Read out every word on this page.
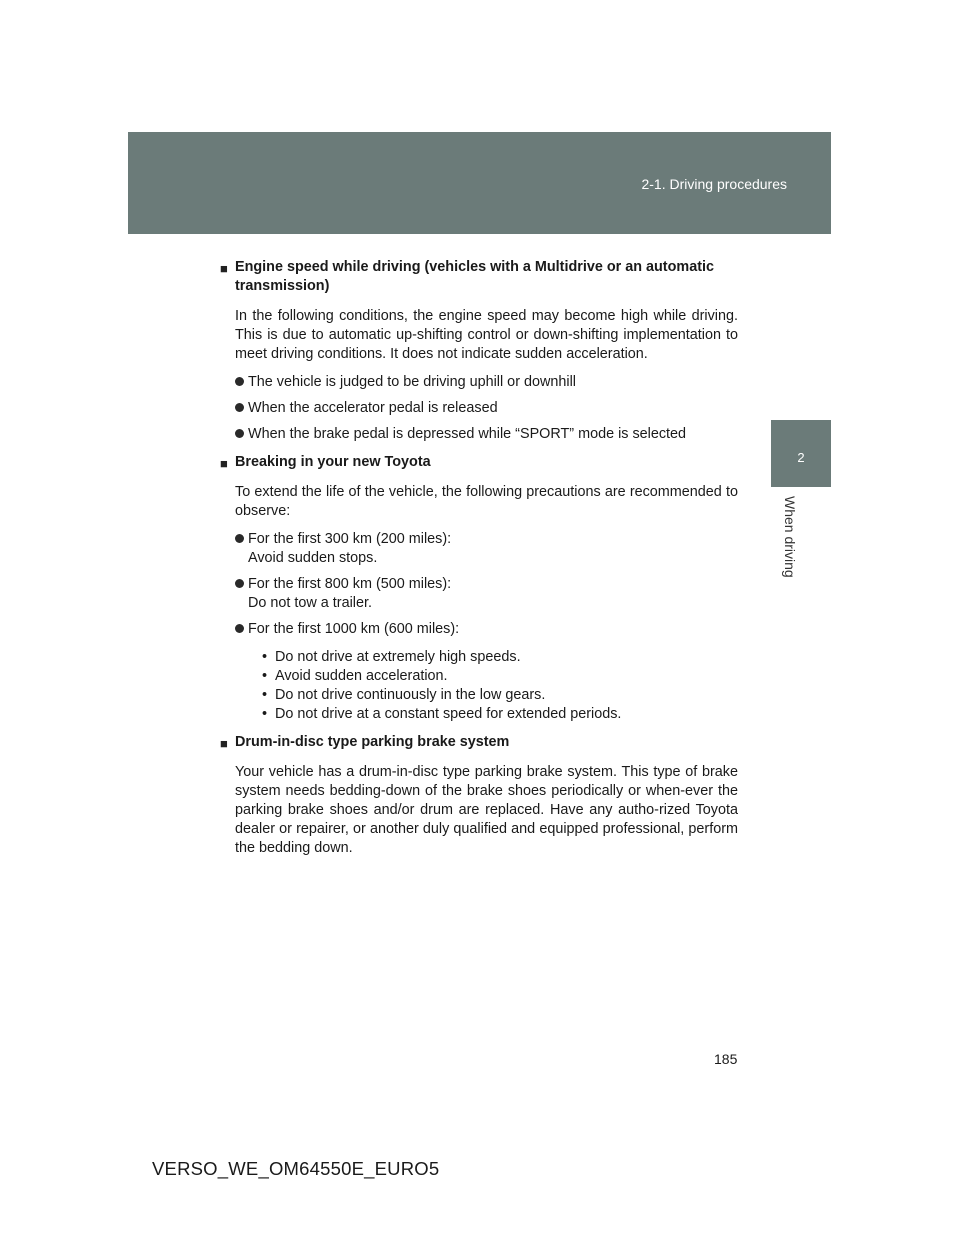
2-1. Driving procedures
2
When driving
■ Engine speed while driving (vehicles with a Multidrive or an automatic transmission)
In the following conditions, the engine speed may become high while driving. This is due to automatic up-shifting control or down-shifting implementation to meet driving conditions. It does not indicate sudden acceleration.
The vehicle is judged to be driving uphill or downhill
When the accelerator pedal is released
When the brake pedal is depressed while “SPORT” mode is selected
■ Breaking in your new Toyota
To extend the life of the vehicle, the following precautions are recommended to observe:
For the first 300 km (200 miles):
Avoid sudden stops.
For the first 800 km (500 miles):
Do not tow a trailer.
For the first 1000 km (600 miles):
• Do not drive at extremely high speeds.
• Avoid sudden acceleration.
• Do not drive continuously in the low gears.
• Do not drive at a constant speed for extended periods.
■ Drum-in-disc type parking brake system
Your vehicle has a drum-in-disc type parking brake system. This type of brake system needs bedding-down of the brake shoes periodically or when-ever the parking brake shoes and/or drum are replaced. Have any autho-rized Toyota dealer or repairer, or another duly qualified and equipped professional, perform the bedding down.
185
VERSO_WE_OM64550E_EURO5
